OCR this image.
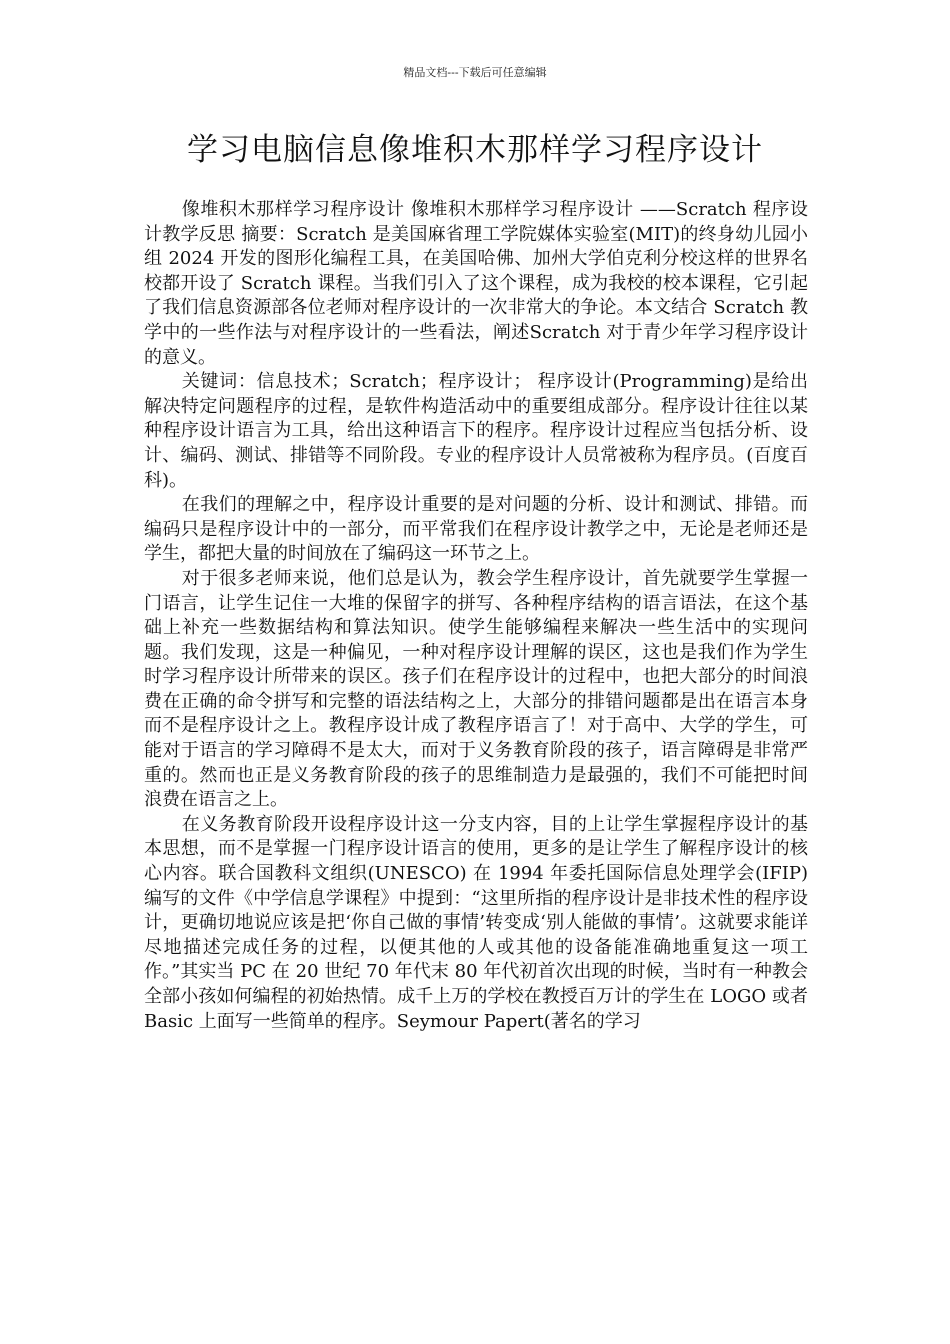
精品文档---下载后可任意编辑
学习电脑信息像堆积木那样学习程序设计

像堆积木那样学习程序设计 像堆积木那样学习程序设计 ——Scratch 程序设计教学反思 摘要：Scratch 是美国麻省理工学院媒体实验室(MIT)的终身幼儿园小组 2024 开发的图形化编程工具，在美国哈佛、加州大学伯克利分校这样的世界名校都开设了 Scratch 课程。当我们引入了这个课程，成为我校的校本课程，它引起了我们信息资源部各位老师对程序设计的一次非常大的争论。本文结合 Scratch 教学中的一些作法与对程序设计的一些看法，阐述Scratch 对于青少年学习程序设计的意义。

关键词：信息技术；Scratch；程序设计； 程序设计(Programming)是给出解决特定问题程序的过程，是软件构造活动中的重要组成部分。程序设计往往以某种程序设计语言为工具，给出这种语言下的程序。程序设计过程应当包括分析、设计、编码、测试、排错等不同阶段。专业的程序设计人员常被称为程序员。(百度百科)。

在我们的理解之中，程序设计重要的是对问题的分析、设计和测试、排错。而编码只是程序设计中的一部分，而平常我们在程序设计教学之中，无论是老师还是学生，都把大量的时间放在了编码这一环节之上。

对于很多老师来说，他们总是认为，教会学生程序设计，首先就要学生掌握一门语言，让学生记住一大堆的保留字的拼写、各种程序结构的语言语法，在这个基础上补充一些数据结构和算法知识。使学生能够编程来解决一些生活中的实现问题。我们发现，这是一种偏见，一种对程序设计理解的误区，这也是我们作为学生时学习程序设计所带来的误区。孩子们在程序设计的过程中，也把大部分的时间浪费在正确的命令拼写和完整的语法结构之上，大部分的排错问题都是出在语言本身而不是程序设计之上。教程序设计成了教程序语言了！对于高中、大学的学生，可能对于语言的学习障碍不是太大，而对于义务教育阶段的孩子，语言障碍是非常严重的。然而也正是义务教育阶段的孩子的思维制造力是最强的，我们不可能把时间浪费在语言之上。

在义务教育阶段开设程序设计这一分支内容，目的上让学生掌握程序设计的基本思想，而不是掌握一门程序设计语言的使用，更多的是让学生了解程序设计的核心内容。联合国教科文组织(UNESCO) 在 1994 年委托国际信息处理学会(IFIP)编写的文件《中学信息学课程》中提到：“这里所指的程序设计是非技术性的程序设计，更确切地说应该是把‘你自己做的事情’转变成‘别人能做的事情’。这就要求能详尽地描述完成任务的过程，以便其他的人或其他的设备能准确地重复这一项工作。”其实当 PC 在 20 世纪 70 年代末 80 年代初首次出现的时候，当时有一种教会全部小孩如何编程的初始热情。成千上万的学校在教授百万计的学生在 LOGO 或者 Basic 上面写一些简单的程序。Seymour Papert(著名的学习
